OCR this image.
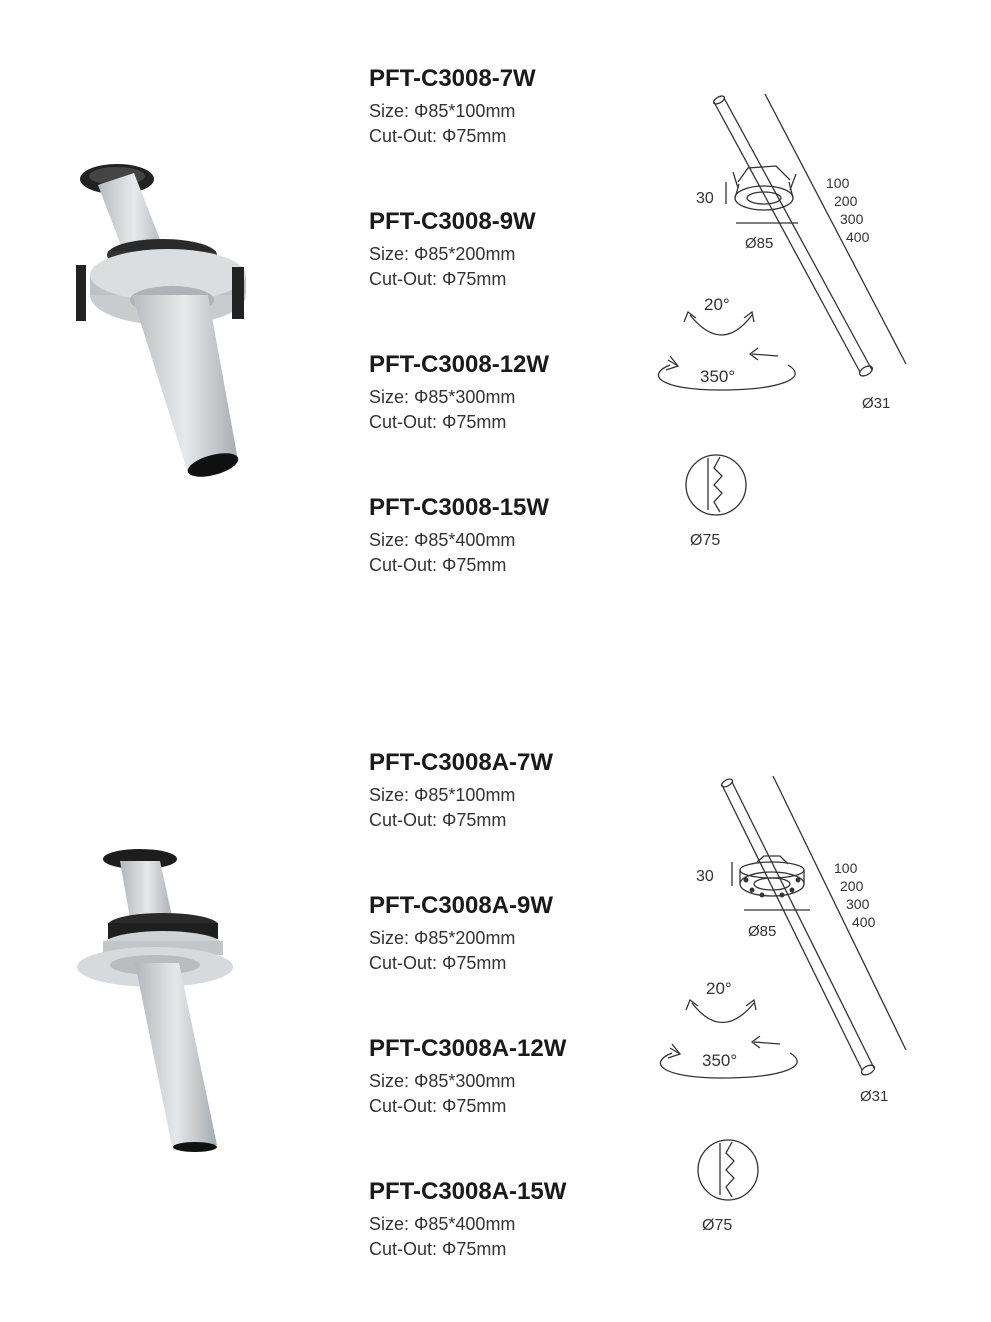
PFT-C3008-7W

Size: Φ85*100mm

Cut-Out: Φ75mm

PFT-C3008-9W

Size: Φ85*200mm

Cut-Out: Φ75mm

PFT-C3008-12W

Size: Φ85*300mm

Cut-Out: Φ75mm

PFT-C3008-15W

Size: Φ85*400mm

Cut-Out: Φ75mm

30
Ø85
100
200
300
400
Ø31
20°
350°
Ø75

PFT-C3008A-7W

Size: Φ85*100mm

Cut-Out: Φ75mm

PFT-C3008A-9W

Size: Φ85*200mm

Cut-Out: Φ75mm

PFT-C3008A-12W

Size: Φ85*300mm

Cut-Out: Φ75mm

PFT-C3008A-15W

Size: Φ85*400mm

Cut-Out: Φ75mm

30
Ø85
100
200
300
400
Ø31
20°
350°
Ø75
